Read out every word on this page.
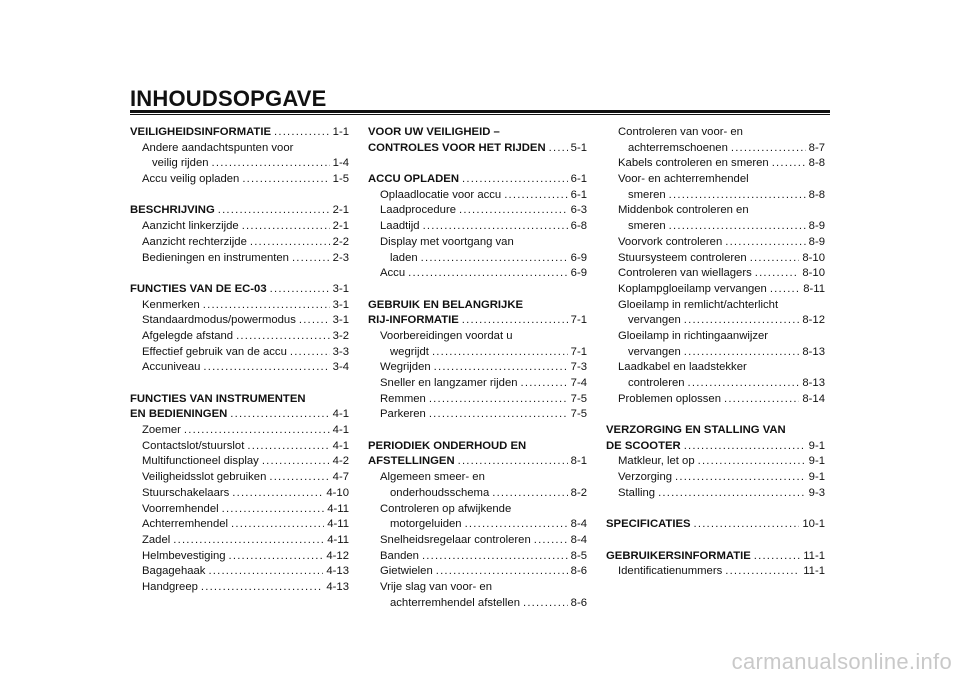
INHOUDSOPGAVE
VEILIGHEIDSINFORMATIE .....	1-1
Andere aandachtspunten voor
veilig rijden .....	1-4
Accu veilig opladen .....	1-5
BESCHRIJVING .....	2-1
Aanzicht linkerzijde .....	2-1
Aanzicht rechterzijde .....	2-2
Bedieningen en instrumenten .....	2-3
FUNCTIES VAN DE EC-03 .....	3-1
Kenmerken .....	3-1
Standaardmodus/powermodus .....	3-1
Afgelegde afstand .....	3-2
Effectief gebruik van de accu .....	3-3
Accuniveau .....	3-4
FUNCTIES VAN INSTRUMENTEN
EN BEDIENINGEN .....	4-1
Zoemer .....	4-1
Contactslot/stuurslot .....	4-1
Multifunctioneel display .....	4-2
Veiligheidsslot gebruiken .....	4-7
Stuurschakelaars .....	4-10
Voorremhendel .....	4-11
Achterremhendel .....	4-11
Zadel .....	4-11
Helmbevestiging .....	4-12
Bagagehaak .....	4-13
Handgreep .....	4-13
VOOR UW VEILIGHEID –
CONTROLES VOOR HET RIJDEN ..... 5-1
ACCU OPLADEN .....	6-1
Oplaadlocatie voor accu .....	6-1
Laadprocedure .....	6-3
Laadtijd .....	6-8
Display met voortgang van
laden .....	6-9
Accu .....	6-9
GEBRUIK EN BELANGRIJKE
RIJ-INFORMATIE .....	7-1
Voorbereidingen voordat u
wegrijdt .....	7-1
Wegrijden .....	7-3
Sneller en langzamer rijden .....	7-4
Remmen .....	7-5
Parkeren .....	7-5
PERIODIEK ONDERHOUD EN
AFSTELLINGEN .....	8-1
Algemeen smeer- en
onderhoudsschema .....	8-2
Controleren op afwijkende
motorgeluiden .....	8-4
Snelheidsregelaar controleren .....	8-4
Banden .....	8-5
Gietwielen .....	8-6
Vrije slag van voor- en
achterremhendel afstellen .....	8-6
Controleren van voor- en
achterremschoenen .....	8-7
Kabels controleren en smeren .....	8-8
Voor- en achterremhendel
smeren .....	8-8
Middenbok controleren en
smeren .....	8-9
Voorvork controleren .....	8-9
Stuursysteem controleren .....	8-10
Controleren van wiellagers .....	8-10
Koplampgloeilamp vervangen .....	8-11
Gloeilamp in remlicht/achterlicht
vervangen .....	8-12
Gloeilamp in richtingaanwijzer
vervangen .....	8-13
Laadkabel en laadstekker
controleren .....	8-13
Problemen oplossen .....	8-14
VERZORGING EN STALLING VAN
DE SCOOTER .....	9-1
Matkleur, let op .....	9-1
Verzorging .....	9-1
Stalling .....	9-3
SPECIFICATIES .....	10-1
GEBRUIKERSINFORMATIE .....	11-1
Identificatienummers .....	11-1
carmanualsonline.info
